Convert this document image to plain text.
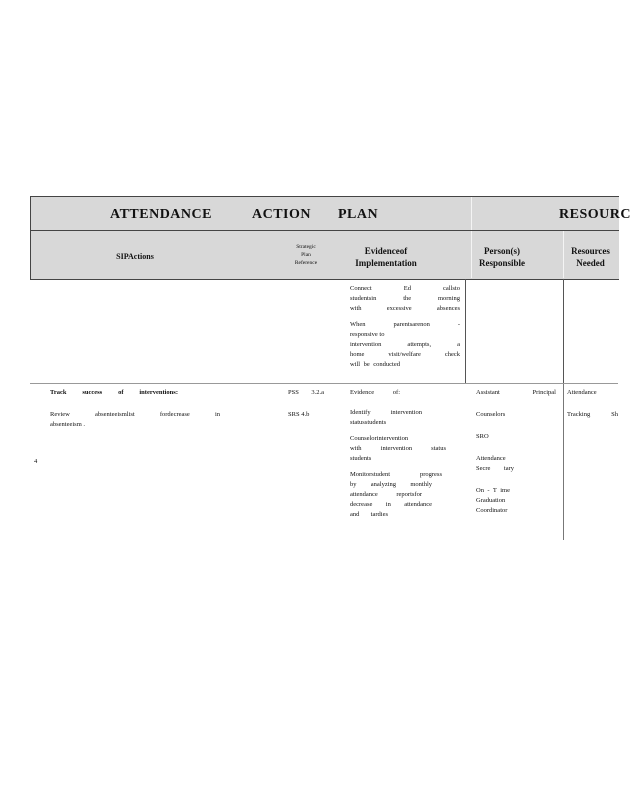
ATTENDANCE	ACTION PLAN	RESOURC
SIPActions
Strategic
Plan
Reference
Evidenceof
Implementation
Person(s)
Responsible
Resources
Needed
Connect Ed callsto
studentsin the morning
with excessive absences
When parentsarenon -
responsive to
intervention attempts, a
home visit/welfare check
will be conducted
Track success of interventions:
Review absenteeismlist fordecrease in
absenteeism .
4
PSS 3.2.a
SRS 4.b
Evidence of:
Identify intervention
statusstudents
Counselorintervention
with intervention status
students
Monitorstudent progress
by analyzing monthly
attendance reportsfor
decrease in attendance
and tardies
Assistant Principal
Counselors
SRO
Attendance
Secre tary
On - T ime
Graduation
Coordinator
Attendance
Tracking Sh
